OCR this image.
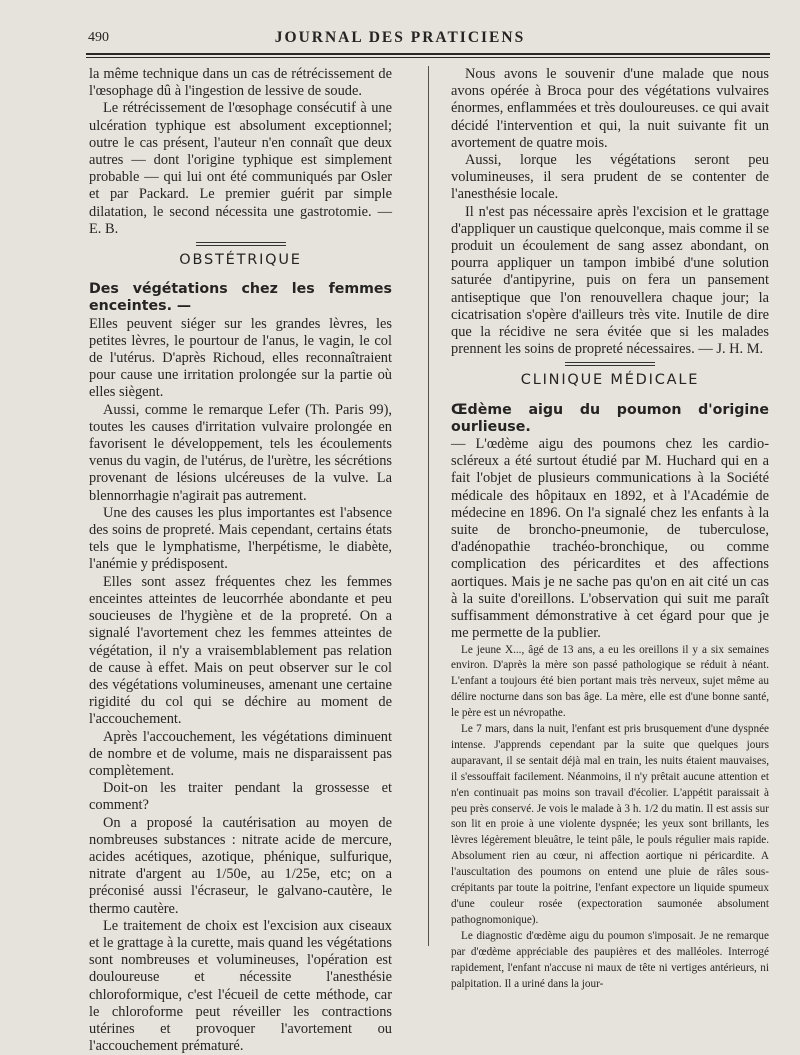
490	JOURNAL DES PRATICIENS

la même technique dans un cas de rétrécissement de l'œsophage dû à l'ingestion de lessive de soude.

Le rétrécissement de l'œsophage consécutif à une ulcération typhique est absolument exceptionnel; outre le cas présent, l'auteur n'en connaît que deux autres — dont l'origine typhique est simplement probable — qui lui ont été communiqués par Osler et par Packard. Le premier guérit par simple dilatation, le second nécessita une gastrotomie. — E. B.

OBSTÉTRIQUE
Des végétations chez les femmes enceintes. —

Elles peuvent siéger sur les grandes lèvres, les petites lèvres, le pourtour de l'anus, le vagin, le col de l'utérus. D'après Richoud, elles reconnaîtraient pour cause une irritation prolongée sur la partie où elles siègent.

Aussi, comme le remarque Lefer (Th. Paris 99), toutes les causes d'irritation vulvaire prolongée en favorisent le développement, tels les écoulements venus du vagin, de l'utérus, de l'urètre, les sécrétions provenant de lésions ulcéreuses de la vulve. La blennorrhagie n'agirait pas autrement.

Une des causes les plus importantes est l'absence des soins de propreté. Mais cependant, certains états tels que le lymphatisme, l'herpétisme, le diabète, l'anémie y prédisposent.

Elles sont assez fréquentes chez les femmes enceintes atteintes de leucorrhée abondante et peu soucieuses de l'hygiène et de la propreté. On a signalé l'avortement chez les femmes atteintes de végétation, il n'y a vraisemblablement pas relation de cause à effet. Mais on peut observer sur le col des végétations volumineuses, amenant une certaine rigidité du col qui se déchire au moment de l'accouchement.

Après l'accouchement, les végétations diminuent de nombre et de volume, mais ne disparaissent pas complètement.

Doit-on les traiter pendant la grossesse et comment?

On a proposé la cautérisation au moyen de nombreuses substances : nitrate acide de mercure, acides acétiques, azotique, phénique, sulfurique, nitrate d'argent au 1/50e, au 1/25e, etc; on a préconisé aussi l'écraseur, le galvano-cautère, le thermo cautère.

Le traitement de choix est l'excision aux ciseaux et le grattage à la curette, mais quand les végétations sont nombreuses et volumineuses, l'opération est douloureuse et nécessite l'anesthésie chloroformique, c'est l'écueil de cette méthode, car le chloroforme peut réveiller les contractions utérines et provoquer l'avortement ou l'accouchement prématuré.

Nous avons le souvenir d'une malade que nous avons opérée à Broca pour des végétations vulvaires énormes, enflammées et très douloureuses. ce qui avait décidé l'intervention et qui, la nuit suivante fit un avortement de quatre mois.

Aussi, lorque les végétations seront peu volumineuses, il sera prudent de se contenter de l'anesthésie locale.

Il n'est pas nécessaire après l'excision et le grattage d'appliquer un caustique quelconque, mais comme il se produit un écoulement de sang assez abondant, on pourra appliquer un tampon imbibé d'une solution saturée d'antipyrine, puis on fera un pansement antiseptique que l'on renouvellera chaque jour; la cicatrisation s'opère d'ailleurs très vite. Inutile de dire que la récidive ne sera évitée que si les malades prennent les soins de propreté nécessaires. — J. H. M.

CLINIQUE MÉDICALE
Œdème aigu du poumon d'origine ourlieuse.

— L'œdème aigu des poumons chez les cardio-scléreux a été surtout étudié par M. Huchard qui en a fait l'objet de plusieurs communications à la Société médicale des hôpitaux en 1892, et à l'Académie de médecine en 1896. On l'a signalé chez les enfants à la suite de broncho-pneumonie, de tuberculose, d'adénopathie trachéo-bronchique, ou comme complication des péricardites et des affections aortiques. Mais je ne sache pas qu'on en ait cité un cas à la suite d'oreillons. L'observation qui suit me paraît suffisamment démonstrative à cet égard pour que je me permette de la publier.

Le jeune X..., âgé de 13 ans, a eu les oreillons il y a six semaines environ. D'après la mère son passé pathologique se réduit à néant. L'enfant a toujours été bien portant mais très nerveux, sujet même au délire nocturne dans son bas âge. La mère, elle est d'une bonne santé, le père est un névropathe.

Le 7 mars, dans la nuit, l'enfant est pris brusquement d'une dyspnée intense. J'apprends cependant par la suite que quelques jours auparavant, il se sentait déjà mal en train, les nuits étaient mauvaises, il s'essouffait facilement. Néanmoins, il n'y prêtait aucune attention et n'en continuait pas moins son travail d'écolier. L'appétit paraissait à peu près conservé. Je vois le malade à 3 h. 1/2 du matin. Il est assis sur son lit en proie à une violente dyspnée; les yeux sont brillants, les lèvres légèrement bleuâtre, le teint pâle, le pouls régulier mais rapide. Absolument rien au cœur, ni affection aortique ni péricardite. A l'auscultation des poumons on entend une pluie de râles sous-crépitants par toute la poitrine, l'enfant expectore un liquide spumeux d'une couleur rosée (expectoration saumonée absolument pathognomonique).

Le diagnostic d'œdème aigu du poumon s'imposait. Je ne remarque par d'œdème appréciable des paupières et des malléoles. Interrogé rapidement, l'enfant n'accuse ni maux de tête ni vertiges antérieurs, ni palpitation. Il a uriné dans la jour-
